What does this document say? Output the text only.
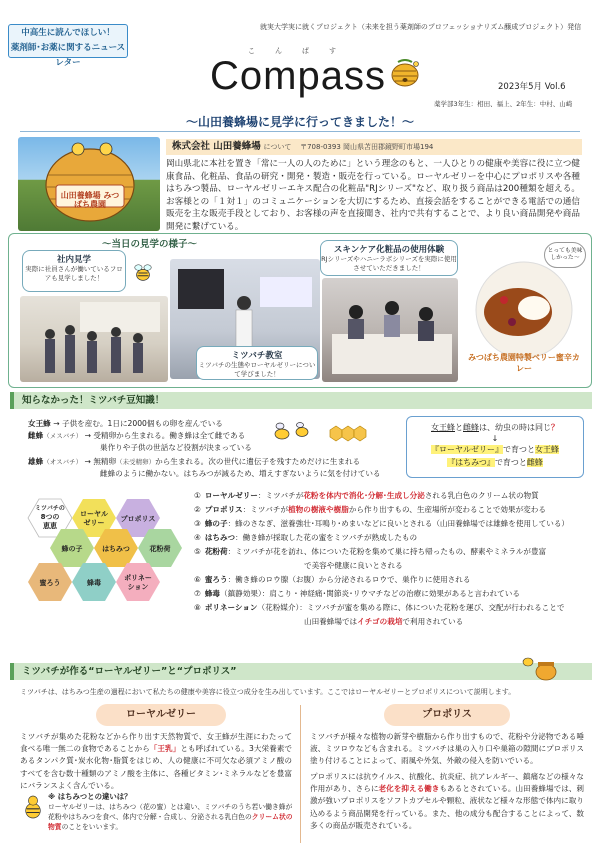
中高生に読んでほしい！
薬剤師･お薬に関するニュースレター
就実大学実に就くプロジェクト（未来を担う薬剤師のプロフェッショナリズム醸成プロジェクト）発信
こんぱす
Compass	2023年5月 Vol.6
薬学部3年生：相田、福上、2年生：中村、山崎
～山田養蜂場に見学に行ってきました！～
山田養蜂場 みつばち農園
株式会社 山田養蜂場 について 〒708-0393 岡山県苫田郡鏡野町市場194
岡山県北に本社を置き「常に一人の人のために」という理念のもと、一人ひとりの健康や美容に役に立つ健康食品、化粧品、食品の研究・開発・製造・販売を行っている。ローヤルゼリーを中心にプロポリスや各種はちみつ製品、ローヤルゼリーエキス配合の化粧品"RJシリーズ"など、取り扱う商品は200種類を超える。お客様との「１対１」のコミュニケーションを大切にするため、直接会話をすることができる電話での通信販売を主な販売手段としており、お客様の声を直接聞き、社内で共有することで、より良い商品開発や商品開発に繋げている。
～当日の見学の様子～
社内見学
実際に社員さんが働いているフロアも見学しました！
ミツバチ教室
ミツバチの生態やローヤルゼリーについて学びました！
スキンケア化粧品の使用体験
RJシリーズやハニーラボシリーズを実際に使用させていただきました！
とっても美味しかった～
みつばち農園特製ベリー蜜辛カレー
知らなかった！ミツバチ豆知識！
女王蜂 → 子供を産む。1日に2000個もの卵を産んでいる
雌蜂（メスバチ） → 受精卵から生まれる。働き蜂は全て雌である
巣作りや子供の世話など役割が決まっている
雄蜂（オスバチ） → 無精卵（未受精卵）から生まれる。次の世代に遺伝子を残すためだけに生まれる
雌蜂のように働かない。はちみつが減るため、増えすぎないように気を付けている
女王蜂と雌蜂は、幼虫の時は同じ？
↓
『ローヤルゼリー』で育つと女王蜂
『はちみつ』で育つと雌蜂
ミツバチの
8つの
恵恵
ローヤル
ゼリー プロポリス
蜂の子	はちみつ	花粉荷
蜜ろう	蜂毒
ポリネー
ション
① ローヤルゼリー：ミツバチが花粉を体内で消化･分解･生成し分泌される乳白色のクリーム状の物質
② プロポリス：ミツバチが植物の樹液や樹脂から作り出すもの、生産場所が変わることで効果が変わる
③ 蜂の子：蜂のさなぎ、滋養強壮･耳鳴り･めまいなどに良いとされる（山田養蜂場では雄蜂を使用している）
④ はちみつ：働き蜂が採取した花の蜜をミツバチが熟成したもの
⑤ 花粉荷：ミツバチが花を訪れ、体についた花粉を集めて巣に持ち帰ったもの、酵素やミネラルが豊富
で美容や健康に良いとされる
⑥ 蜜ろう：働き蜂のロウ腺（お腹）から分泌されるロウで、巣作りに使用される
⑦ 蜂毒（鎮静効果）：肩こり・神経痛･関節炎･リウマチなどの治療に効果があると言われている
⑧ ポリネーション（花粉媒介）：ミツバチが蜜を集める際に、体についた花粉を運び、交配が行われることで
山田養蜂場ではイチゴの栽培で利用されている
ミツバチが作る“ローヤルゼリー”と“プロポリス”
ミツバチは、はちみつ生産の過程において私たちの健康や美容に役立つ成分を生み出しています。ここではローヤルゼリーとプロポリスについて説明します。
ローヤルゼリー	プロポリス
ミツバチが集めた花粉などから作り出す天然物質で、女王蜂が生涯にわたって食べる唯一無二の食物であることから「王乳」とも呼ばれている。3大栄養素であるタンパク質･炭水化物･脂質をはじめ、人の健康に不可欠な必須アミノ酸のすべてを含む数十種類のアミノ酸を主体に、各種ビタミン･ミネラルなどを豊富にバランスよく含んでいる。
※ はちみつとの違いは？
ローヤルゼリーは、はちみつ（花の蜜）とは違い、ミツバチのうち若い働き蜂が花粉やはちみつを食べ、体内で分解・合成し、分泌される乳白色のクリーム状の物質のことをいいます。
ミツバチが様々な植物の新芽や樹脂から作り出すもので、花粉や分泌物である唾液、ミツロウなども含まれる。ミツバチは巣の入り口や巣箱の隙間にプロポリス塗り付けることによって、雨風や外気、外敵の侵入を防いでいる。
プロポリスには抗ウイルス、抗酸化、抗炎症、抗アレルギー、鎮痛などの様々な作用があり、さらに老化を抑える働きもあるとされている。山田養蜂場では、刺激が強いプロポリスをソフトカプセルや顆粒、液状など様々な形態で体内に取り込めるよう商品開発を行っている。また、他の成分も配合することによって、数多くの商品が販売されている。
